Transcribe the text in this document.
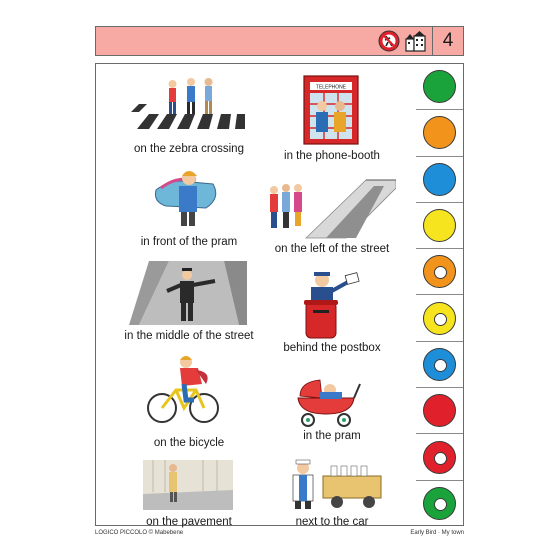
4
on the zebra crossing
TELEPHONE
in the phone-booth
in front of the pram
on the left of the street
in the middle of the street
behind the postbox
on the bicycle
in the pram
on the pavement	next to the car
LOGICO PICCOLO © Mabebene	Early Bird · My town
